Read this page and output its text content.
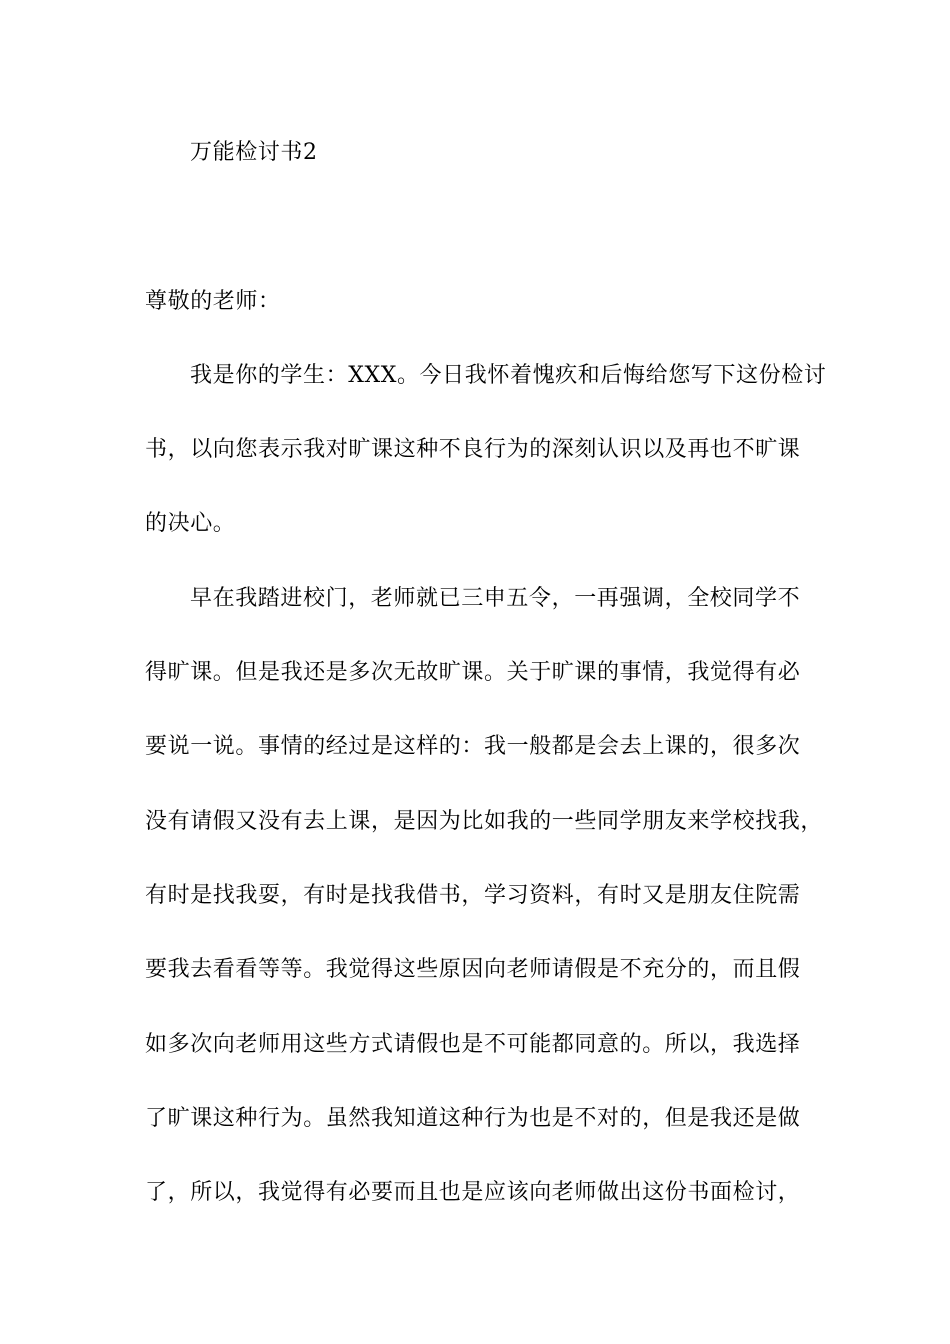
万能检讨书2
尊敬的老师：
我是你的学生：XXX。今日我怀着愧疚和后悔给您写下这份检讨
书，以向您表示我对旷课这种不良行为的深刻认识以及再也不旷课
的决心。
早在我踏进校门，老师就已三申五令，一再强调，全校同学不
得旷课。但是我还是多次无故旷课。关于旷课的事情，我觉得有必
要说一说。事情的经过是这样的：我一般都是会去上课的，很多次
没有请假又没有去上课，是因为比如我的一些同学朋友来学校找我，
有时是找我耍，有时是找我借书，学习资料，有时又是朋友住院需
要我去看看等等。我觉得这些原因向老师请假是不充分的，而且假
如多次向老师用这些方式请假也是不可能都同意的。所以，我选择
了旷课这种行为。虽然我知道这种行为也是不对的，但是我还是做
了，所以，我觉得有必要而且也是应该向老师做出这份书面检讨，
